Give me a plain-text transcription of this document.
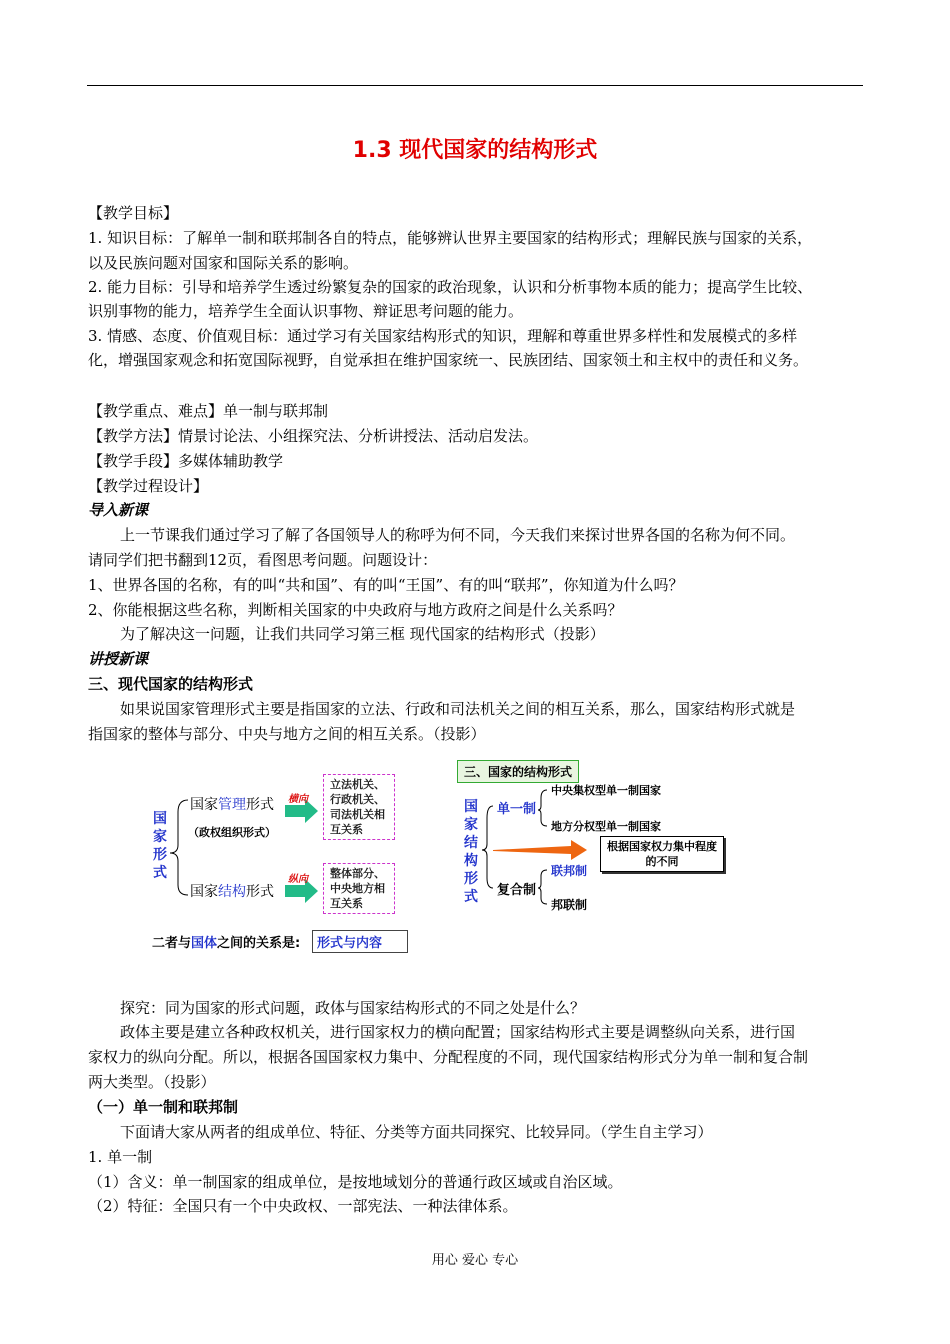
1.3 现代国家的结构形式
【教学目标】
1. 知识目标：了解单一制和联邦制各自的特点，能够辨认世界主要国家的结构形式；理解民族与国家的关系，
以及民族问题对国家和国际关系的影响。
2. 能力目标：引导和培养学生透过纷繁复杂的国家的政治现象，认识和分析事物本质的能力；提高学生比较、
识别事物的能力，培养学生全面认识事物、辩证思考问题的能力。
3. 情感、态度、价值观目标：通过学习有关国家结构形式的知识，理解和尊重世界多样性和发展模式的多样
化，增强国家观念和拓宽国际视野，自觉承担在维护国家统一、民族团结、国家领土和主权中的责任和义务。
【教学重点、难点】单一制与联邦制
【教学方法】情景讨论法、小组探究法、分析讲授法、活动启发法。
【教学手段】多媒体辅助教学
【教学过程设计】
导入新课
上一节课我们通过学习了解了各国领导人的称呼为何不同，今天我们来探讨世界各国的名称为何不同。
请同学们把书翻到12页，看图思考问题。问题设计：
1、世界各国的名称，有的叫“共和国”、有的叫“王国”、有的叫“联邦”，你知道为什么吗？
2、你能根据这些名称，判断相关国家的中央政府与地方政府之间是什么关系吗？
为了解决这一问题，让我们共同学习第三框 现代国家的结构形式（投影）
讲授新课
三、现代国家的结构形式
如果说国家管理形式主要是指国家的立法、行政和司法机关之间的相互关系，那么，国家结构形式就是
指国家的整体与部分、中央与地方之间的相互关系。（投影）
国家形式
国家管理形式
（政权组织形式）
横向
立法机关、行政机关、司法机关相互关系
国家结构形式
纵向	整体部分、中央地方相互关系
二者与国体之间的关系是:	形式与内容
三、国家的结构形式
国家结构形式
单一制
中央集权型单一制国家
地方分权型单一制国家
根据国家权力集中程度的不同
复合制
联邦制
邦联制
探究：同为国家的形式问题，政体与国家结构形式的不同之处是什么？
政体主要是建立各种政权机关，进行国家权力的横向配置；国家结构形式主要是调整纵向关系，进行国
家权力的纵向分配。所以，根据各国国家权力集中、分配程度的不同，现代国家结构形式分为单一制和复合制
两大类型。（投影）
（一）单一制和联邦制
下面请大家从两者的组成单位、特征、分类等方面共同探究、比较异同。（学生自主学习）
1. 单一制
（1）含义：单一制国家的组成单位，是按地域划分的普通行政区域或自治区域。
（2）特征：全国只有一个中央政权、一部宪法、一种法律体系。
用心 爱心 专心
